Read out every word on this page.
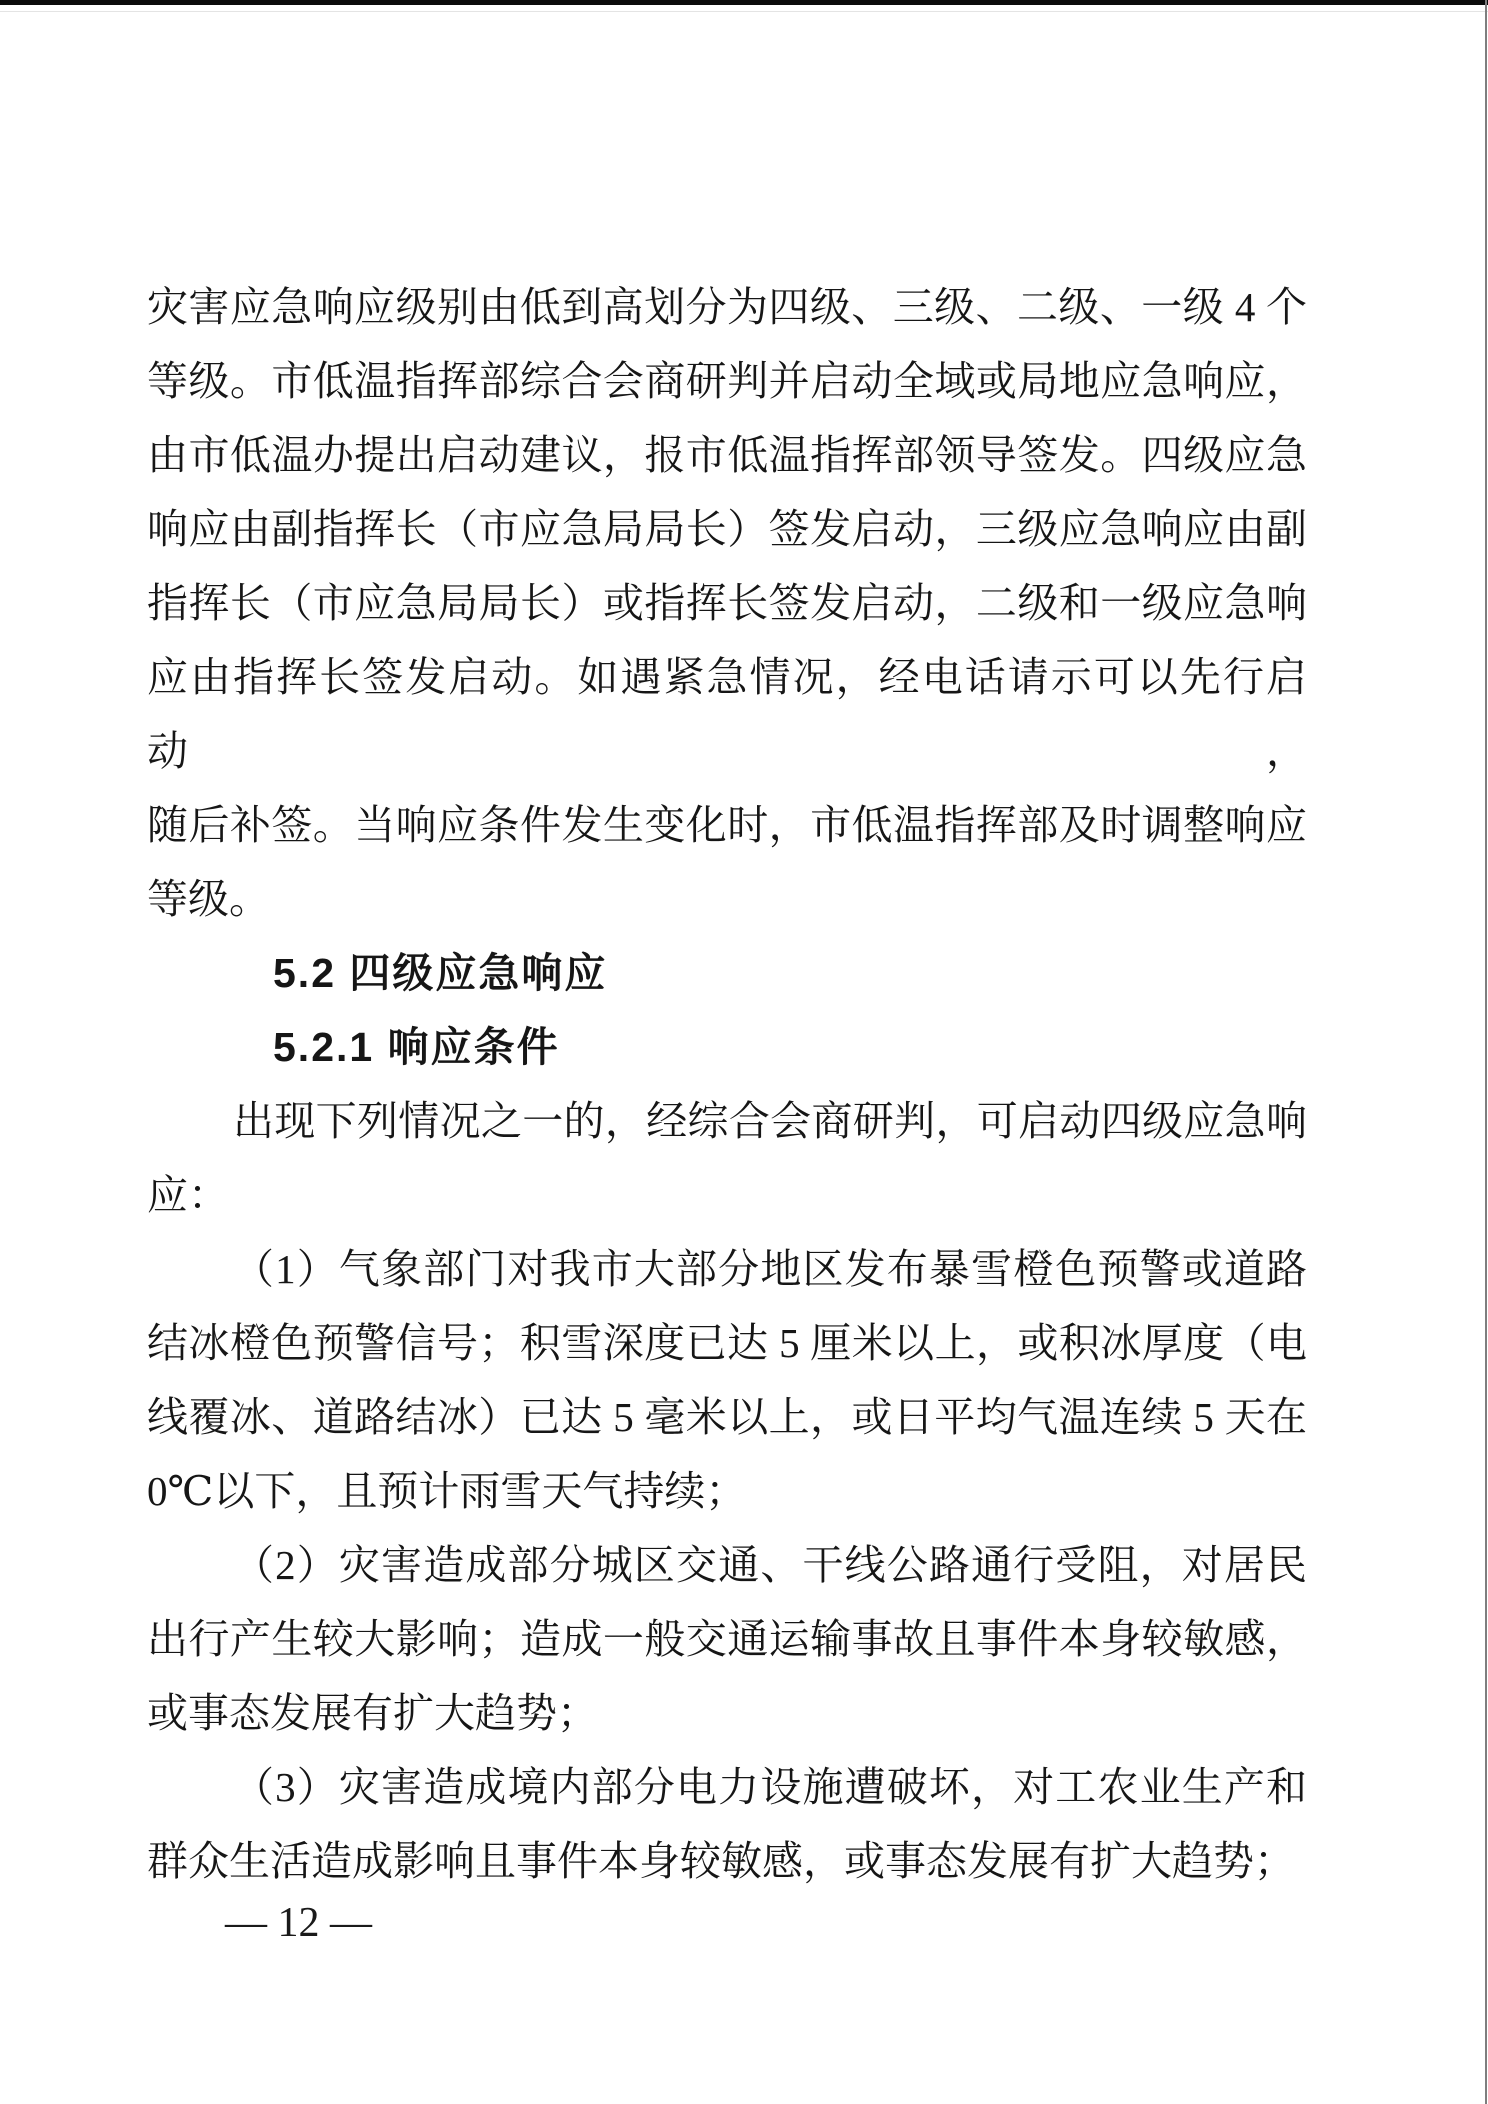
灾害应急响应级别由低到高划分为四级、三级、二级、一级 4 个
等级。市低温指挥部综合会商研判并启动全域或局地应急响应，
由市低温办提出启动建议，报市低温指挥部领导签发。四级应急
响应由副指挥长（市应急局局长）签发启动，三级应急响应由副
指挥长（市应急局局长）或指挥长签发启动，二级和一级应急响
应由指挥长签发启动。如遇紧急情况，经电话请示可以先行启动，
随后补签。当响应条件发生变化时，市低温指挥部及时调整响应
等级。
5.2 四级应急响应
5.2.1 响应条件
出现下列情况之一的，经综合会商研判，可启动四级应急响
应：
（1）气象部门对我市大部分地区发布暴雪橙色预警或道路
结冰橙色预警信号；积雪深度已达 5 厘米以上，或积冰厚度（电
线覆冰、道路结冰）已达 5 毫米以上，或日平均气温连续 5 天在
0℃以下，且预计雨雪天气持续；
（2）灾害造成部分城区交通、干线公路通行受阻，对居民
出行产生较大影响；造成一般交通运输事故且事件本身较敏感，
或事态发展有扩大趋势；
（3）灾害造成境内部分电力设施遭破坏，对工农业生产和
群众生活造成影响且事件本身较敏感，或事态发展有扩大趋势；
— 12 —
